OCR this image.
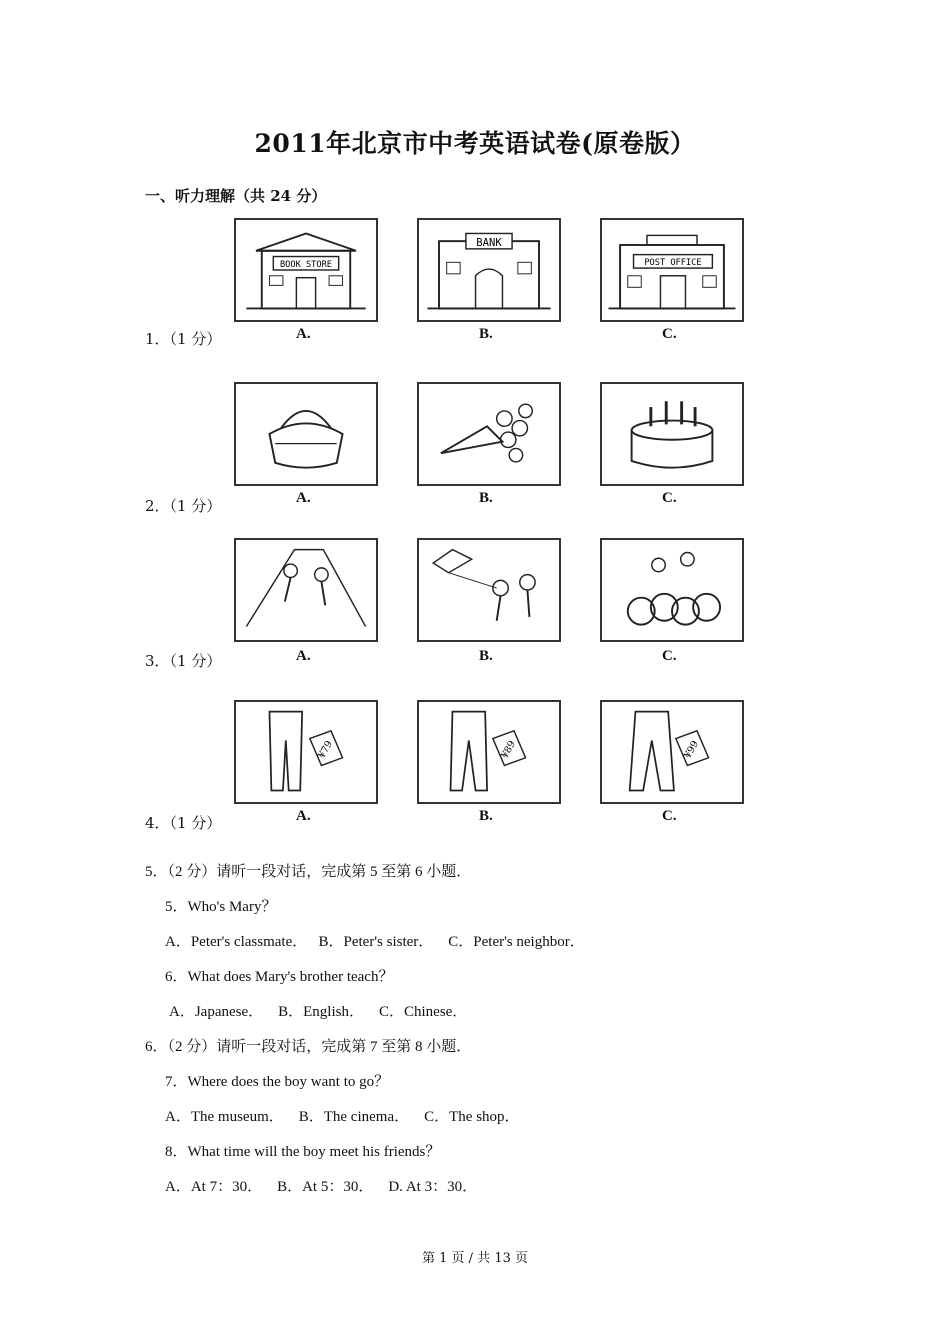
2011年北京市中考英语试卷(原卷版）
一、听力理解（共 24 分）
1．（1 分）
BOOK STORE
BANK
POST OFFICE
A.	B.	C.
2．（1 分）	A.	B.	C.
3．（1 分）	A.	B.	C.
4．（1 分）
¥79	¥89	¥99
A.	B.	C.
5．（2 分）请听一段对话，完成第 5 至第 6 小题．
5．Who's Mary？
A．Peter's classmate．   B．Peter's sister．    C．Peter's neighbor．
6．What does Mary's brother teach？
A．Japanese．    B．English．    C．Chinese．
6．（2 分）请听一段对话，完成第 7 至第 8 小题．
7．Where does the boy want to go？
A．The museum．    B．The cinema．    C．The shop．
8．What time will the boy meet his friends？
A．At 7：30．    B．At 5：30．    D. At 3：30．
第 1 页 / 共 13 页
